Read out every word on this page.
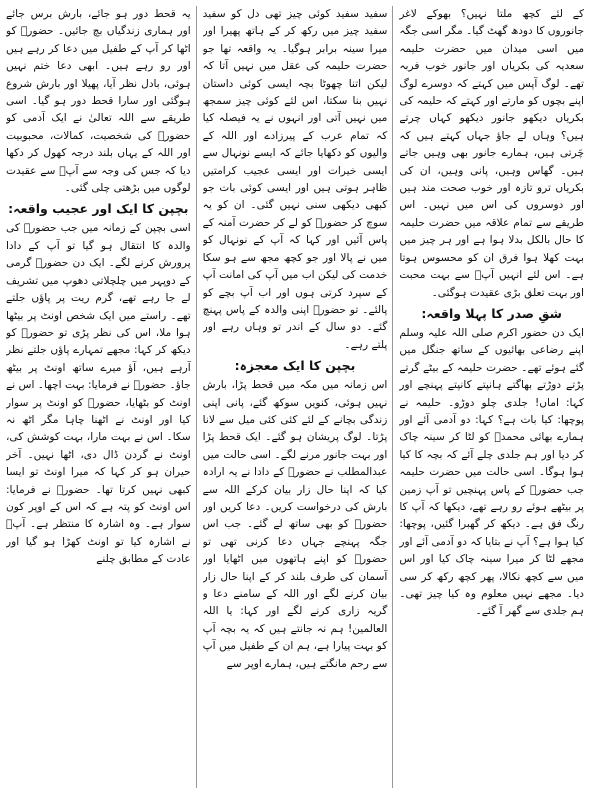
کے لئے کچھ ملتا نہیں؟ بھوکے لاغر جانوروں کا دودھ گھٹ گیا۔ مگر اسی جگہ میں اسی میدان میں حضرت حلیمہ سعدیہ کی بکریاں اور جانور خوب فربہ تھے۔ لوگ آپس میں کہتے کہ دوسرے لوگ اپنے بچوں کو مارتے اور کہتے کہ حلیمہ کی بکریاں دیکھو جانور دیکھو کہاں چرتے ہیں؟ وہاں لے جاؤ جہاں کہتے ہیں کہ چَرتی ہیں، ہمارے جانور بھی وہیں جاتے ہیں۔ گھاس وہیں، پانی وہیں، ان کی بکریاں ترو تازہ اور خوب صحت مند ہیں اور دوسروں کی اس میں نہیں۔ اس طریقے سے تمام علاقہ میں حضرت حلیمہ کا حال بالکل بدلا ہوا ہے اور ہر چیز میں بہت کھلا ہوا فرق ان کو محسوس ہوتا ہے۔ اس لئے انہیں آپؐ سے بہت محبت اور بہت تعلق بڑی عقیدت ہوگئی۔

شقِ صدر کا پہلا واقعہ:

ایک دن حضور اکرم صلی اللہ علیہ وسلم اپنے رضاعی بھائیوں کے ساتھ جنگل میں گئے ہوئے تھے۔ حضرت حلیمہ کے بیٹے گرتے پڑتے دوڑتے بھاگتے ہانپتے کانپتے پہنچے اور کہا: اماں! جلدی چلو دوڑو۔ حلیمہ نے پوچھا: کیا بات ہے؟ کہا: دو آدمی آئے اور ہمارے بھائی محمدؐ کو لٹا کر سینہ چاک کر دیا اور ہم جلدی چلے آئے کہ بچہ کا کیا ہوا ہوگا۔ اسی حالت میں حضرت حلیمہ جب حضورؐ کے پاس پہنچیں تو آپ زمین پر بیٹھے ہوئے رو رہے تھے، دیکھا کہ آپ کا رنگ فق ہے۔ دیکھ کر گھبرا گئیں، پوچھا: کیا ہوا ہے؟ آپ نے بتایا کہ دو آدمی آئے اور مجھے لٹا کر میرا سینہ چاک کیا اور اس میں سے کچھ نکالا، پھر کچھ رکھ کر سی دیا۔ مجھے نہیں معلوم وہ کیا چیز تھی۔ ہم جلدی سے گھر آ گئے۔

سفید سفید کوئی چیز تھی دل کو سفید سفید چیز میں رکھ کر کے ہاتھ پھیرا اور میرا سینہ برابر ہوگیا۔ یہ واقعہ تھا جو حضرت حلیمہ کی عقل میں نہیں آتا کہ لیکن اتنا چھوٹا بچہ ایسی کوئی داستان نہیں بنا سکتا، اس لئے کوئی چیز سمجھ میں نہیں آتی اور انہوں نے یہ فیصلہ کیا کہ تمام عرب کے پیرزادے اور اللہ کے والیوں کو دکھایا جائے کہ ایسے نونہال سے ایسی خیرات اور ایسی عجیب کرامتیں ظاہر ہوتی ہیں اور ایسی کوئی بات جو کبھی دیکھی سنی نہیں گئی۔ ان کو یہ سوچ کر حضورؐ کو لے کر حضرت آمنہ کے پاس آئیں اور کہا کہ آپ کے نونہال کو میں نے پالا اور جو کچھ مجھ سے ہو سکا خدمت کی لیکن اب میں آپ کی امانت آپ کے سپرد کرتی ہوں اور اب آپ بچے کو پالئے۔ تو حضورؐ اپنی والدہ کے پاس پہنچ گئے۔ دو سال کے اندر تو وہاں رہے اور پلتے رہے۔

بچپن کا ایک معجزہ:

اس زمانہ میں مکہ میں قحط پڑا، بارش نہیں ہوئی، کنویں سوکھ گئے، پانی اپنی زندگی بچانے کے لئے کئی کئی میل سے لانا پڑتا۔ لوگ پریشان ہو گئے۔ ایک قحط پڑا اور بہت جانور مرنے لگے۔ اسی حالت میں عبدالمطلب نے حضورؐ کے دادا نے یہ ارادہ کیا کہ اپنا حال زار بیان کرکے اللہ سے بارش کی درخواست کریں۔ دعا کریں اور حضورؐ کو بھی ساتھ لے گئے۔ جب اس جگہ پہنچے جہاں دعا کرنی تھی تو حضورؐ کو اپنے ہاتھوں میں اٹھایا اور آسمان کی طرف بلند کر کے اپنا حال زار بیان کرنے لگے اور اللہ کے سامنے دعا و گریہ زاری کرنے لگے اور کہا: یا اللہ العالمین! ہم نہ جانتے ہیں کہ یہ بچہ آپ کو بہت پیارا ہے، ہم ان کے طفیل میں آپ سے رحم مانگتے ہیں، ہمارے اوپر سے

یہ قحط دور ہو جائے، بارش برس جائے اور ہماری زندگیاں بچ جائیں۔ حضورؐ کو اٹھا کر آپ کے طفیل میں دعا کر رہے ہیں اور رو رہے ہیں۔ ابھی دعا ختم نہیں ہوئی، بادل نظر آیا، پھیلا اور بارش شروع ہوگئی اور سارا قحط دور ہو گیا۔ اسی طریقے سے اللہ تعالیٰ نے ایک آدمی کو حضورؐ کی شخصیت، کمالات، محبوبیت اور اللہ کے یہاں بلند درجہ کھول کر دکھا دیا کہ جس کی وجہ سے آپؐ سے عقیدت لوگوں میں بڑھتی چلی گئی۔

بچپن کا ایک اور عجیب واقعہ:

اسی بچپن کے زمانہ میں جب حضورؐ کی والدہ کا انتقال ہو گیا تو آپ کے دادا پرورش کرنے لگے۔ ایک دن حضورؐ گرمی کے دوپہر میں چلچلاتی دھوپ میں تشریف لے جا رہے تھے، گرم ریت پر پاؤں جلتے تھے۔ راستے میں ایک شخص اونٹ پر بیٹھا ہوا ملا، اس کی نظر پڑی تو حضورؐ کو دیکھ کر کہا: مجھے تمہارے پاؤں جلتے نظر آرہے ہیں، آؤ میرے ساتھ اونٹ پر بیٹھ جاؤ۔ حضورؐ نے فرمایا: بہت اچھا۔ اس نے اونٹ کو بٹھایا، حضورؐ کو اونٹ پر سوار کیا اور اونٹ نے اٹھنا چاہا مگر اٹھ نہ سکا۔ اس نے بہت مارا، بہت کوشش کی، اونٹ نے گردن ڈال دی، اٹھا نہیں۔ آخر حیران ہو کر کہا کہ میرا اونٹ تو ایسا کبھی نہیں کرتا تھا۔ حضورؐ نے فرمایا: اس اونٹ کو پتہ ہے کہ اس کے اوپر کون سوار ہے۔ وہ اشارہ کا منتظر ہے۔ آپؐ نے اشارہ کیا تو اونٹ کھڑا ہو گیا اور عادت کے مطابق چلنے
